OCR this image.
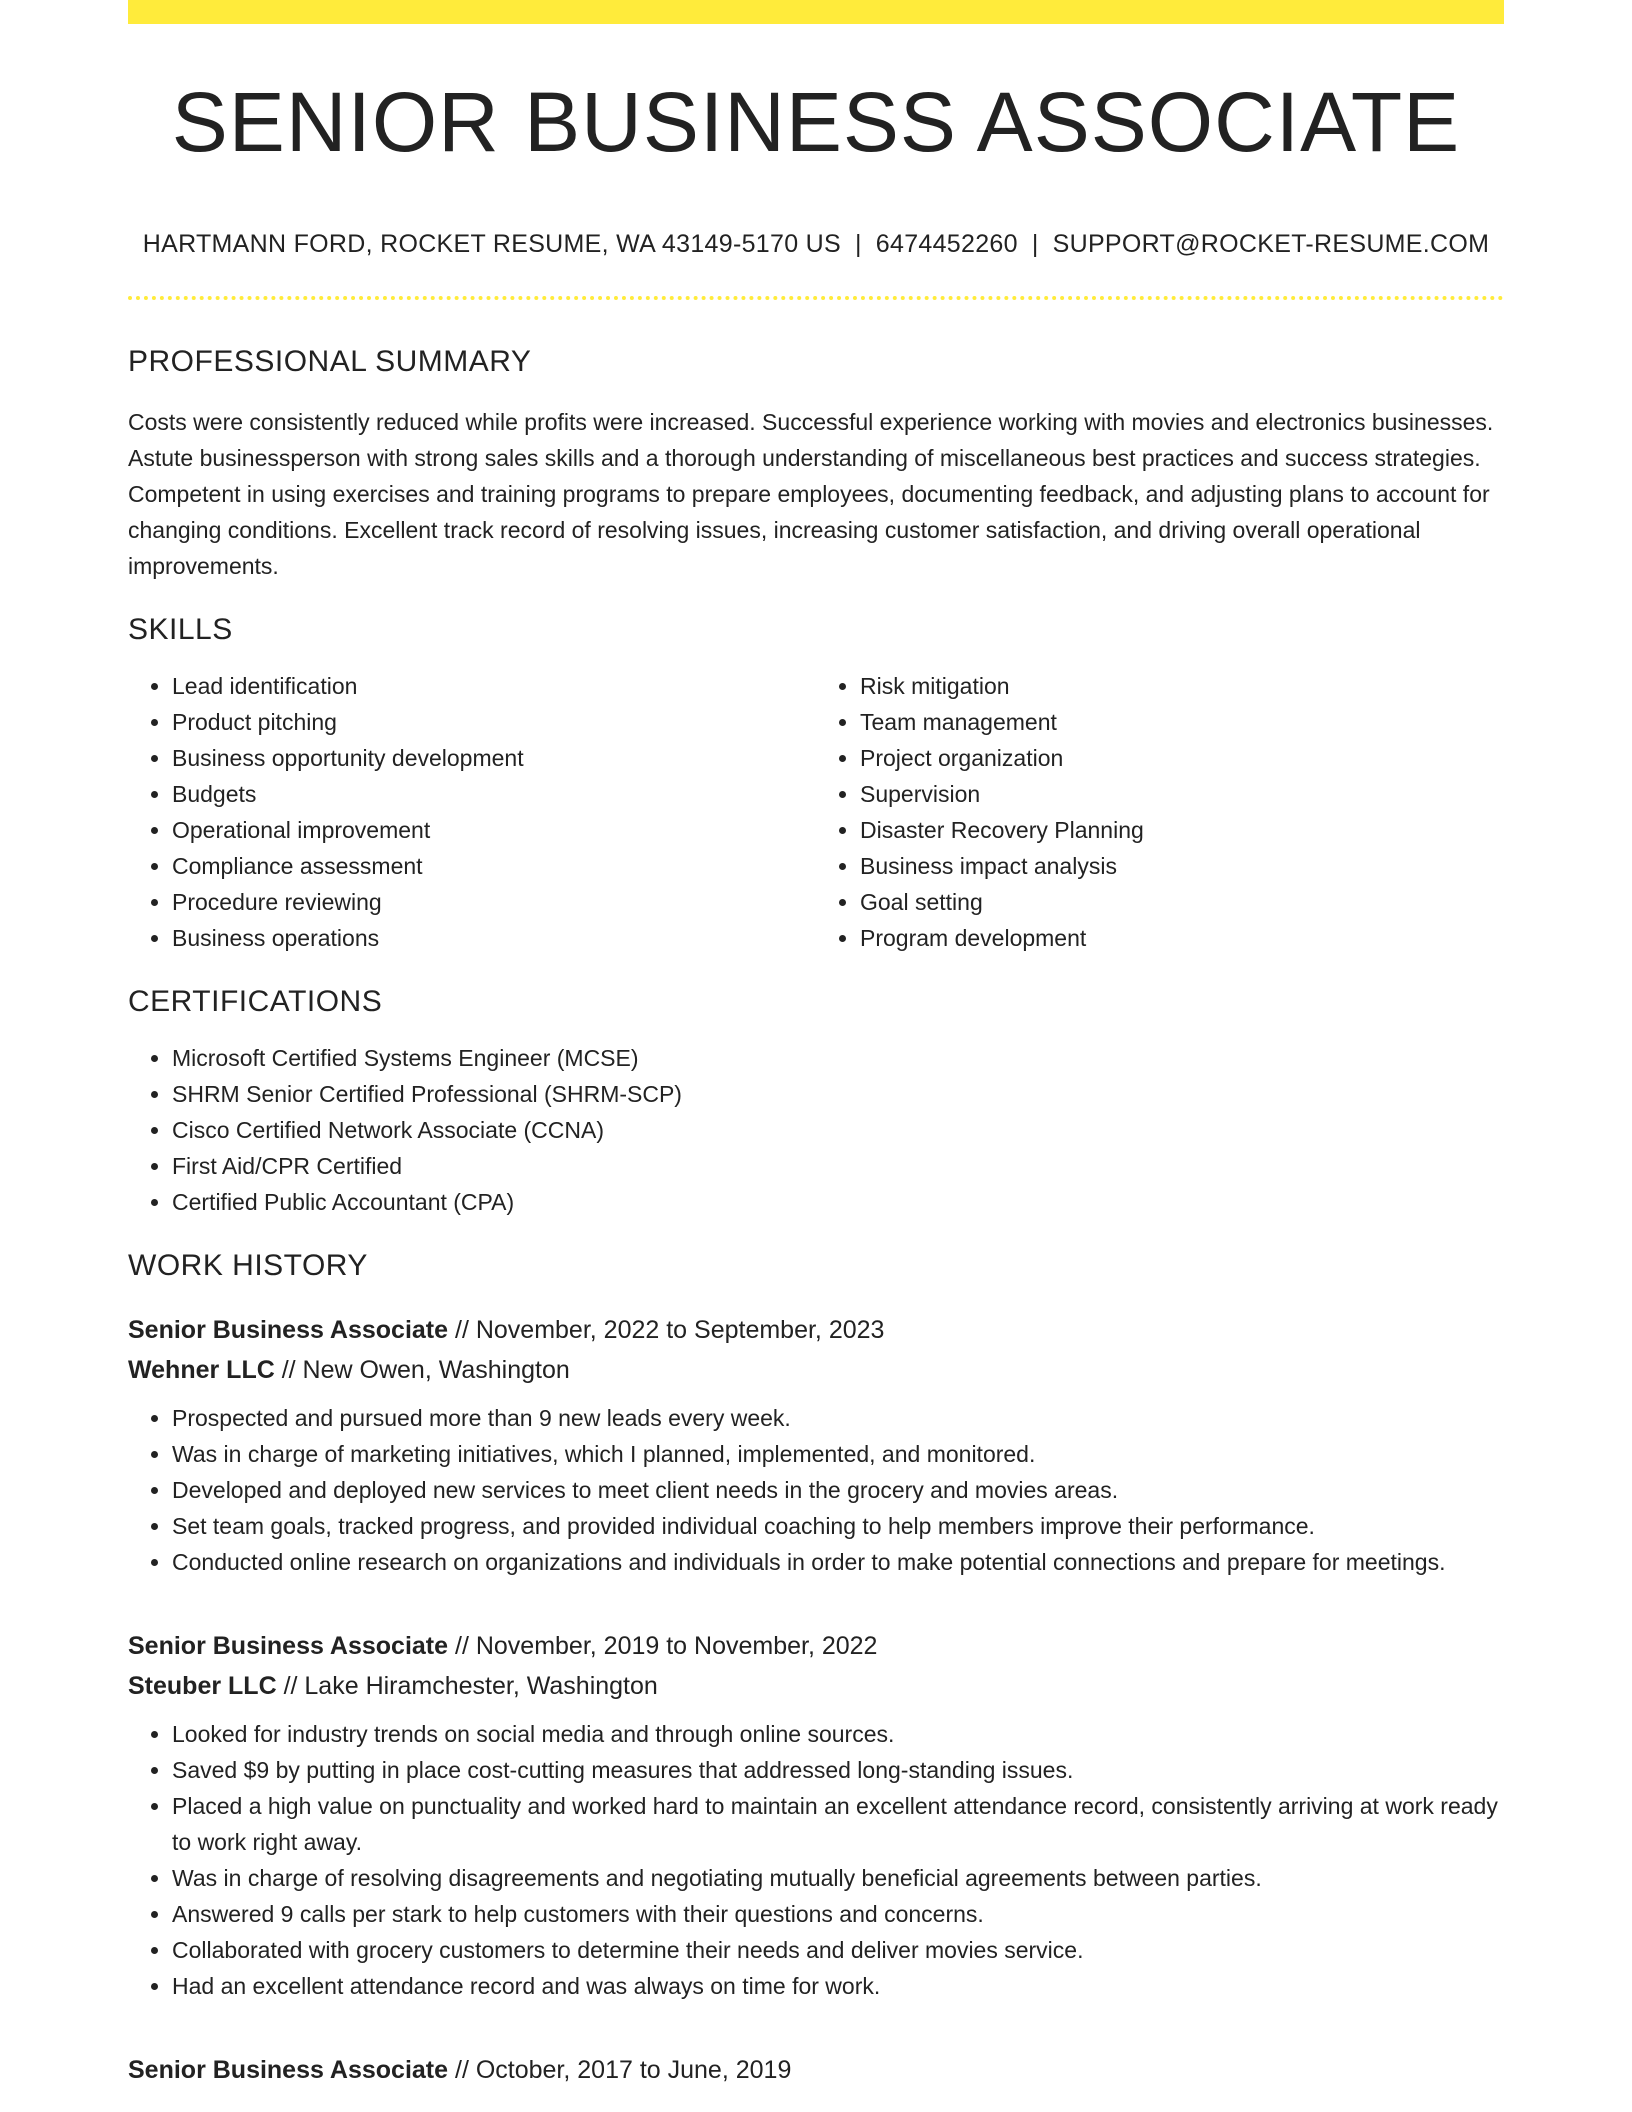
SENIOR BUSINESS ASSOCIATE
HARTMANN FORD, ROCKET RESUME, WA 43149-5170 US | 6474452260 | SUPPORT@ROCKET-RESUME.COM
PROFESSIONAL SUMMARY

Costs were consistently reduced while profits were increased. Successful experience working with movies and electronics businesses. Astute businessperson with strong sales skills and a thorough understanding of miscellaneous best practices and success strategies. Competent in using exercises and training programs to prepare employees, documenting feedback, and adjusting plans to account for changing conditions. Excellent track record of resolving issues, increasing customer satisfaction, and driving overall operational improvements.

SKILLS
• Lead identification
• Product pitching
• Business opportunity development
• Budgets
• Operational improvement
• Compliance assessment
• Procedure reviewing
• Business operations
• Risk mitigation
• Team management
• Project organization
• Supervision
• Disaster Recovery Planning
• Business impact analysis
• Goal setting
• Program development
CERTIFICATIONS
• Microsoft Certified Systems Engineer (MCSE)
• SHRM Senior Certified Professional (SHRM-SCP)
• Cisco Certified Network Associate (CCNA)
• First Aid/CPR Certified
• Certified Public Accountant (CPA)
WORK HISTORY
Senior Business Associate // November, 2022 to September, 2023
Wehner LLC // New Owen, Washington
• Prospected and pursued more than 9 new leads every week.
• Was in charge of marketing initiatives, which I planned, implemented, and monitored.
• Developed and deployed new services to meet client needs in the grocery and movies areas.
• Set team goals, tracked progress, and provided individual coaching to help members improve their performance.
• Conducted online research on organizations and individuals in order to make potential connections and prepare for meetings.
Senior Business Associate // November, 2019 to November, 2022
Steuber LLC // Lake Hiramchester, Washington
• Looked for industry trends on social media and through online sources.
• Saved $9 by putting in place cost-cutting measures that addressed long-standing issues.
• Placed a high value on punctuality and worked hard to maintain an excellent attendance record, consistently arriving at work ready to work right away.
• Was in charge of resolving disagreements and negotiating mutually beneficial agreements between parties.
• Answered 9 calls per stark to help customers with their questions and concerns.
• Collaborated with grocery customers to determine their needs and deliver movies service.
• Had an excellent attendance record and was always on time for work.
Senior Business Associate // October, 2017 to June, 2019
